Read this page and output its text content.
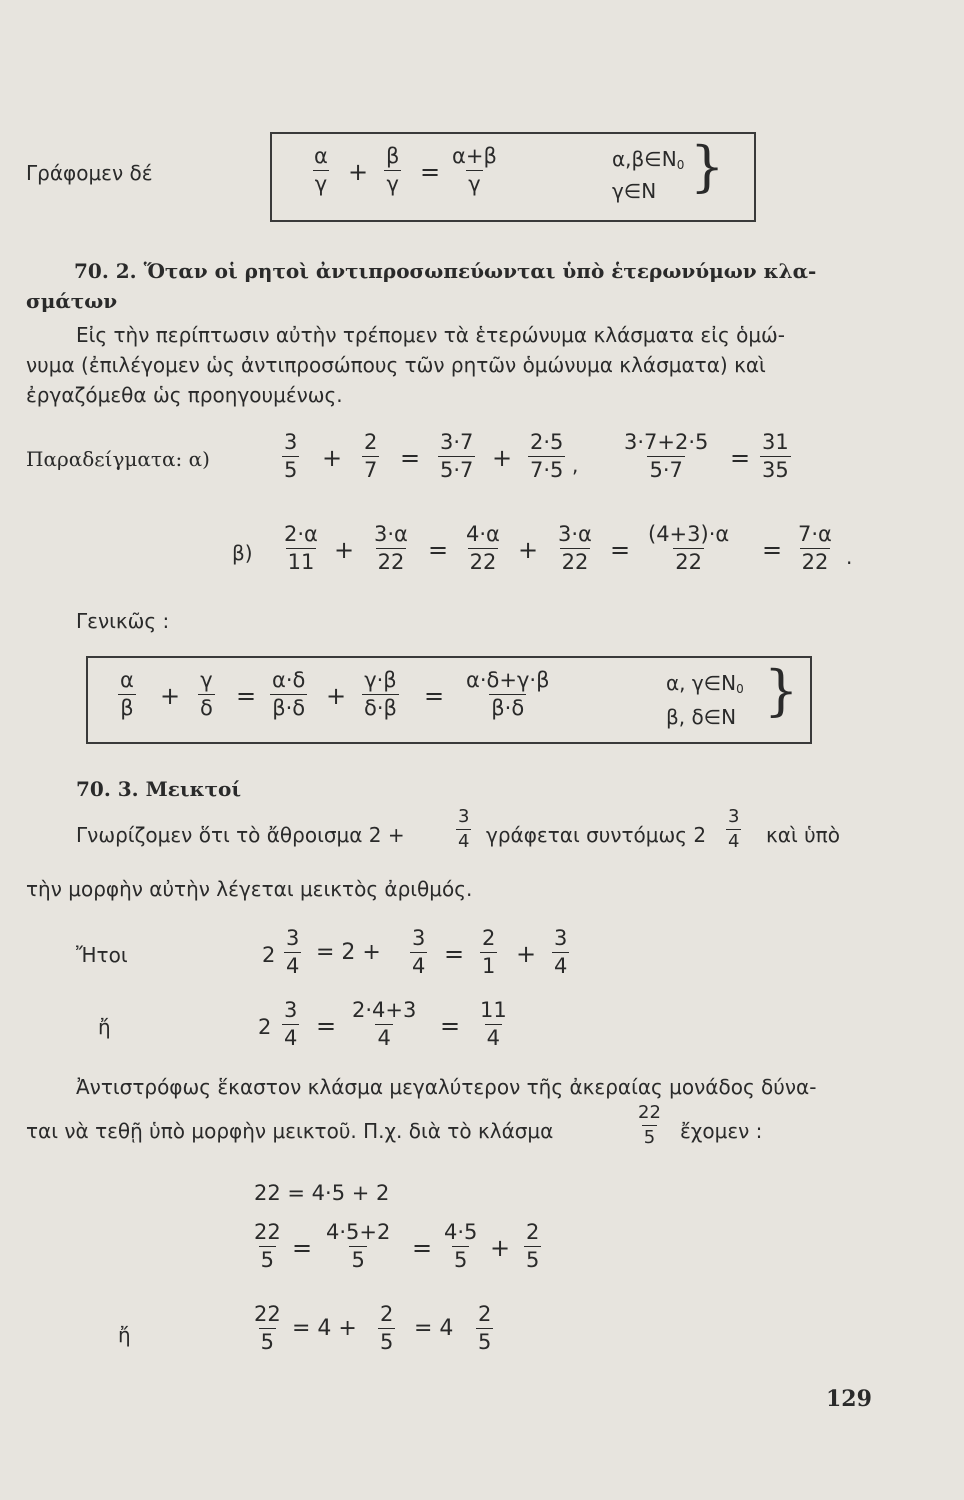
Γράφομεν δέ	$\frac{\alpha}{\gamma} + \frac{\beta}{\gamma} = \frac{\alpha+\beta}{\gamma}$	$\alpha,\beta\in N_0$
γ∈N }
70. 2. Ὅταν οἱ ρητοὶ ἀντιπροσωπεύωνται ὑπὸ ἑτερωνύμων κλα-
σμάτων
Εἰς τὴν περίπτωσιν αὐτὴν τρέπομεν τὰ ἑτερώνυμα κλάσματα εἰς ὁμώ-
νυμα (ἐπιλέγομεν ὡς ἀντιπροσώπους τῶν ρητῶν ὁμώνυμα κλάσματα) καὶ
ἐργαζόμεθα ὡς προηγουμένως.
Παραδείγματα: α)	$\frac{3}{5} + \frac{2}{7} = \frac{3\cdot 7}{5\cdot 7} + \frac{2\cdot 5}{7\cdot 5}$ , $\frac{3\cdot 7+2\cdot 5}{5\cdot 7} = \frac{31}{35}$
$\beta) \frac{2\cdot\alpha}{11} + \frac{3\cdot\alpha}{22} = \frac{4\cdot\alpha}{22} + \frac{3\cdot\alpha}{22} = \frac{(4+3)\cdot\alpha}{22} = \frac{7\cdot\alpha}{22}$ .
Γενικῶς :
$\frac{\alpha}{\beta} + \frac{\gamma}{\delta} = \frac{\alpha\cdot\delta}{\beta\cdot\delta} + \frac{\gamma\cdot\beta}{\delta\cdot\beta} = \frac{\alpha\cdot\delta+\gamma\cdot\beta}{\beta\cdot\delta}$	α, $\gamma\in N_0$
β, δ∈N }
70. 3. Μεικτοί
Γνωρίζομεν ὅτι τὸ ἄθροισμα 2 +	$\frac{3}{4}$ γράφεται συντόμως $2 \frac{3}{4}$ καὶ ὑπὸ
τὴν μορφὴν αὐτὴν λέγεται μεικτὸς ἀριθμός.
Ἤτοι	$2 \frac{3}{4} = 2 + \frac{3}{4} = \frac{2}{1} + \frac{3}{4}$
ἤ	$2 \frac{3}{4} = \frac{2\cdot 4+3}{4} = \frac{11}{4}$
Ἀντιστρόφως ἕκαστον κλάσμα μεγαλύτερον τῆς ἀκεραίας μονάδος δύνα-
ται νὰ τεθῇ ὑπὸ μορφὴν μεικτοῦ. Π.χ. διὰ τὸ κλάσμα	$\frac{22}{5}$ ἔχομεν :
22 = 4·5 + 2
$\frac{22}{5} = \frac{4\cdot 5+2}{5} = \frac{4\cdot 5}{5} + \frac{2}{5}$
ἤ	$\frac{22}{5} = 4 + \frac{2}{5} = 4 \frac{2}{5}$
129
